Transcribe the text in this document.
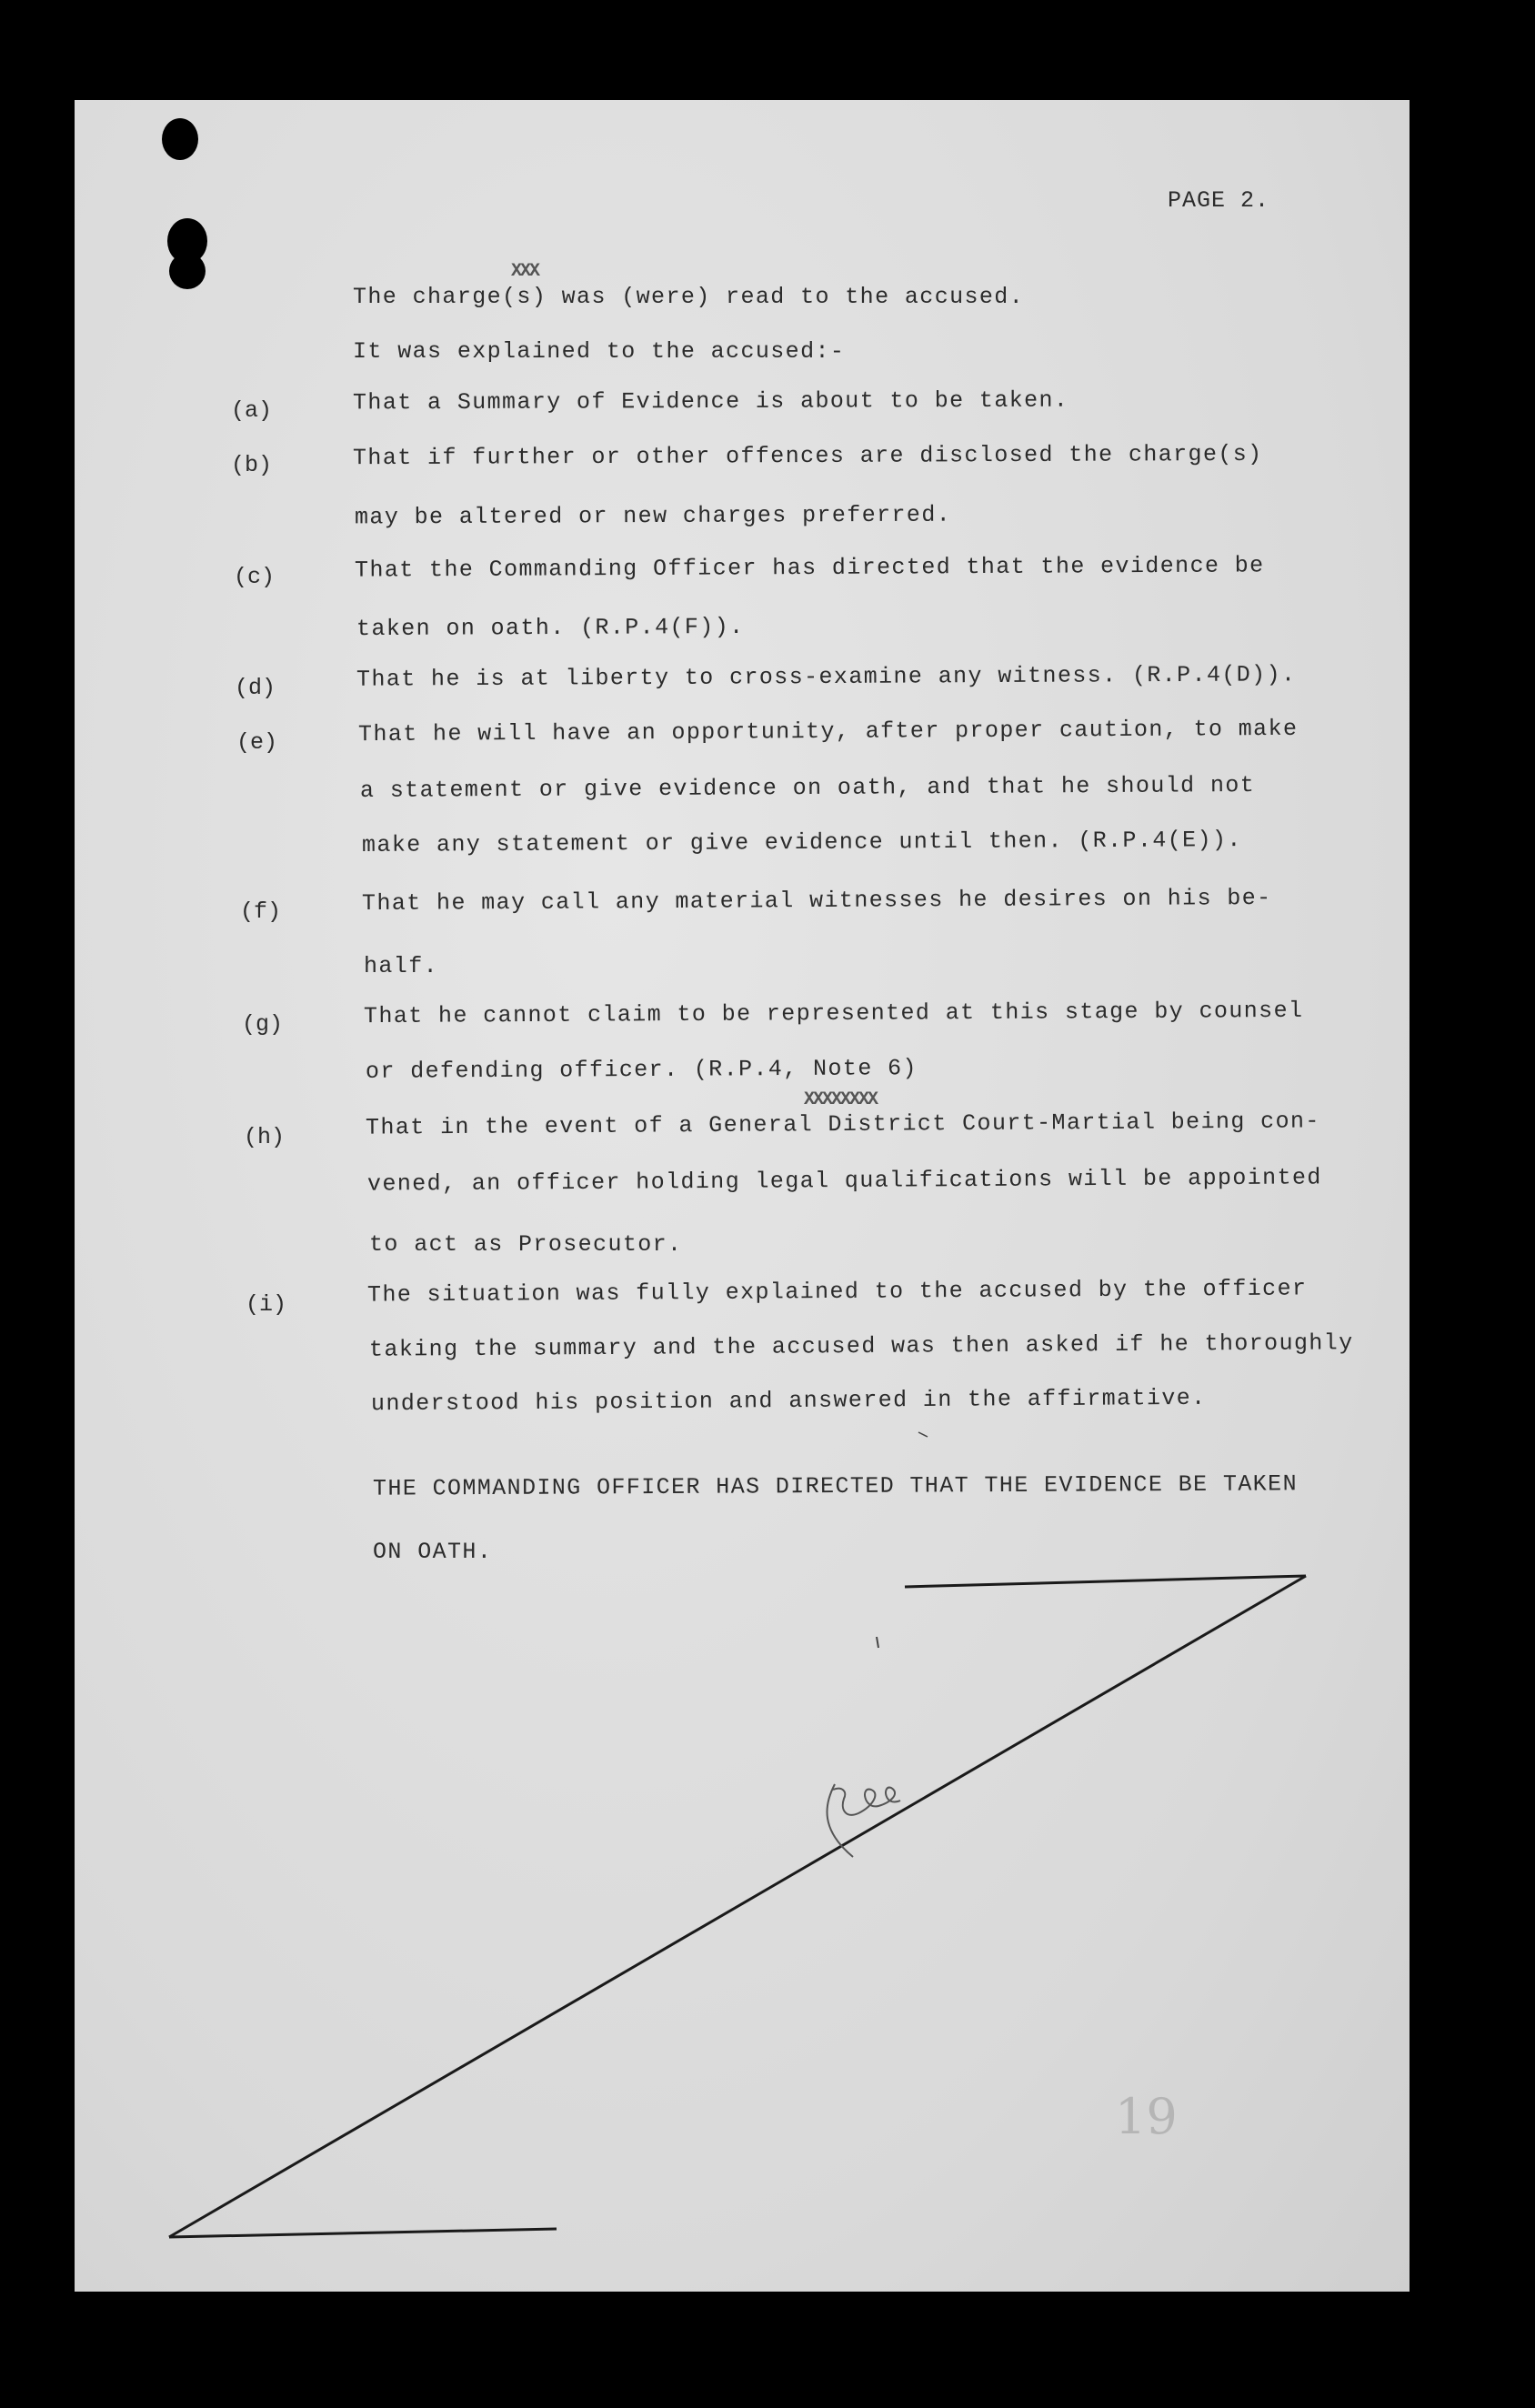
PAGE 2.
XXX
The charge(s) was (were) read to the accused.
It was explained to the accused:-
(a)	That a Summary of Evidence is about to be taken.
(b)	That if further or other offences are disclosed the charge(s)
may be altered or new charges preferred.
(c)	That the Commanding Officer has directed that the evidence be
taken on oath. (R.P.4(F)).
(d)	That he is at liberty to cross-examine any witness. (R.P.4(D)).
(e)	That he will have an opportunity, after proper caution, to make
a statement or give evidence on oath, and that he should not
make any statement or give evidence until then. (R.P.4(E)).
(f)	That he may call any material witnesses he desires on his be-
half.
(g)	That he cannot claim to be represented at this stage by counsel
or defending officer. (R.P.4, Note 6)
XXXXXXXX
(h)	That in the event of a General District Court-Martial being con-
vened, an officer holding legal qualifications will be appointed
to act as Prosecutor.
(i)	The situation was fully explained to the accused by the officer
taking the summary and the accused was then asked if he thoroughly
understood his position and answered in the affirmative.
THE COMMANDING OFFICER HAS DIRECTED THAT THE EVIDENCE BE TAKEN
ON OATH.
19
